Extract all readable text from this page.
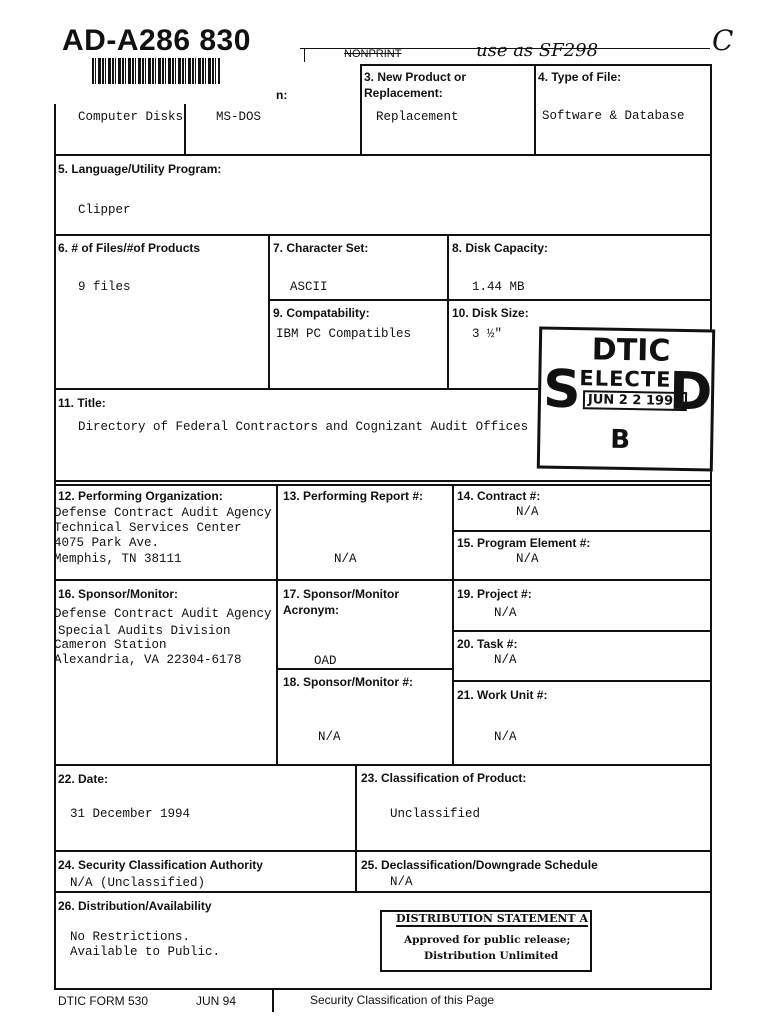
AD-A286 830	NONPRINT	use as SF298	C
n:
Computer Disks	MS-DOS
3. New Product or
Replacement:
Replacement
4. Type of File:
Software & Database
5. Language/Utility Program:
Clipper
6. # of Files/#of Products
9 files
7. Character Set:
ASCII
8. Disk Capacity:
1.44 MB
9. Compatability:
IBM PC Compatibles
10. Disk Size:
3 ½"	DTIC
S D
ELECTE
JUN 2 2 1995
B
11. Title:
Directory of Federal Contractors and Cognizant Audit Offices
12. Performing Organization:
Defense Contract Audit Agency
Technical Services Center
4075 Park Ave.
Memphis, TN 38111
13. Performing Report #:
N/A
14. Contract #:
N/A
15. Program Element #:
N/A
16. Sponsor/Monitor:
Defense Contract Audit Agency
Special Audits Division
Cameron Station
Alexandria, VA 22304-6178
17. Sponsor/Monitor
Acronym:
OAD
18. Sponsor/Monitor #:
N/A
19. Project #:
N/A
20. Task #:
N/A
21. Work Unit #:
N/A
22. Date:
31 December 1994
23. Classification of Product:
Unclassified
24. Security Classification Authority
N/A (Unclassified)
25. Declassification/Downgrade Schedule
N/A
26. Distribution/Availability
No Restrictions.
Available to Public.
DISTRIBUTION STATEMENT A
Approved for public release;
Distribution Unlimited
DTIC FORM 530	JUN 94	Security Classification of this Page
